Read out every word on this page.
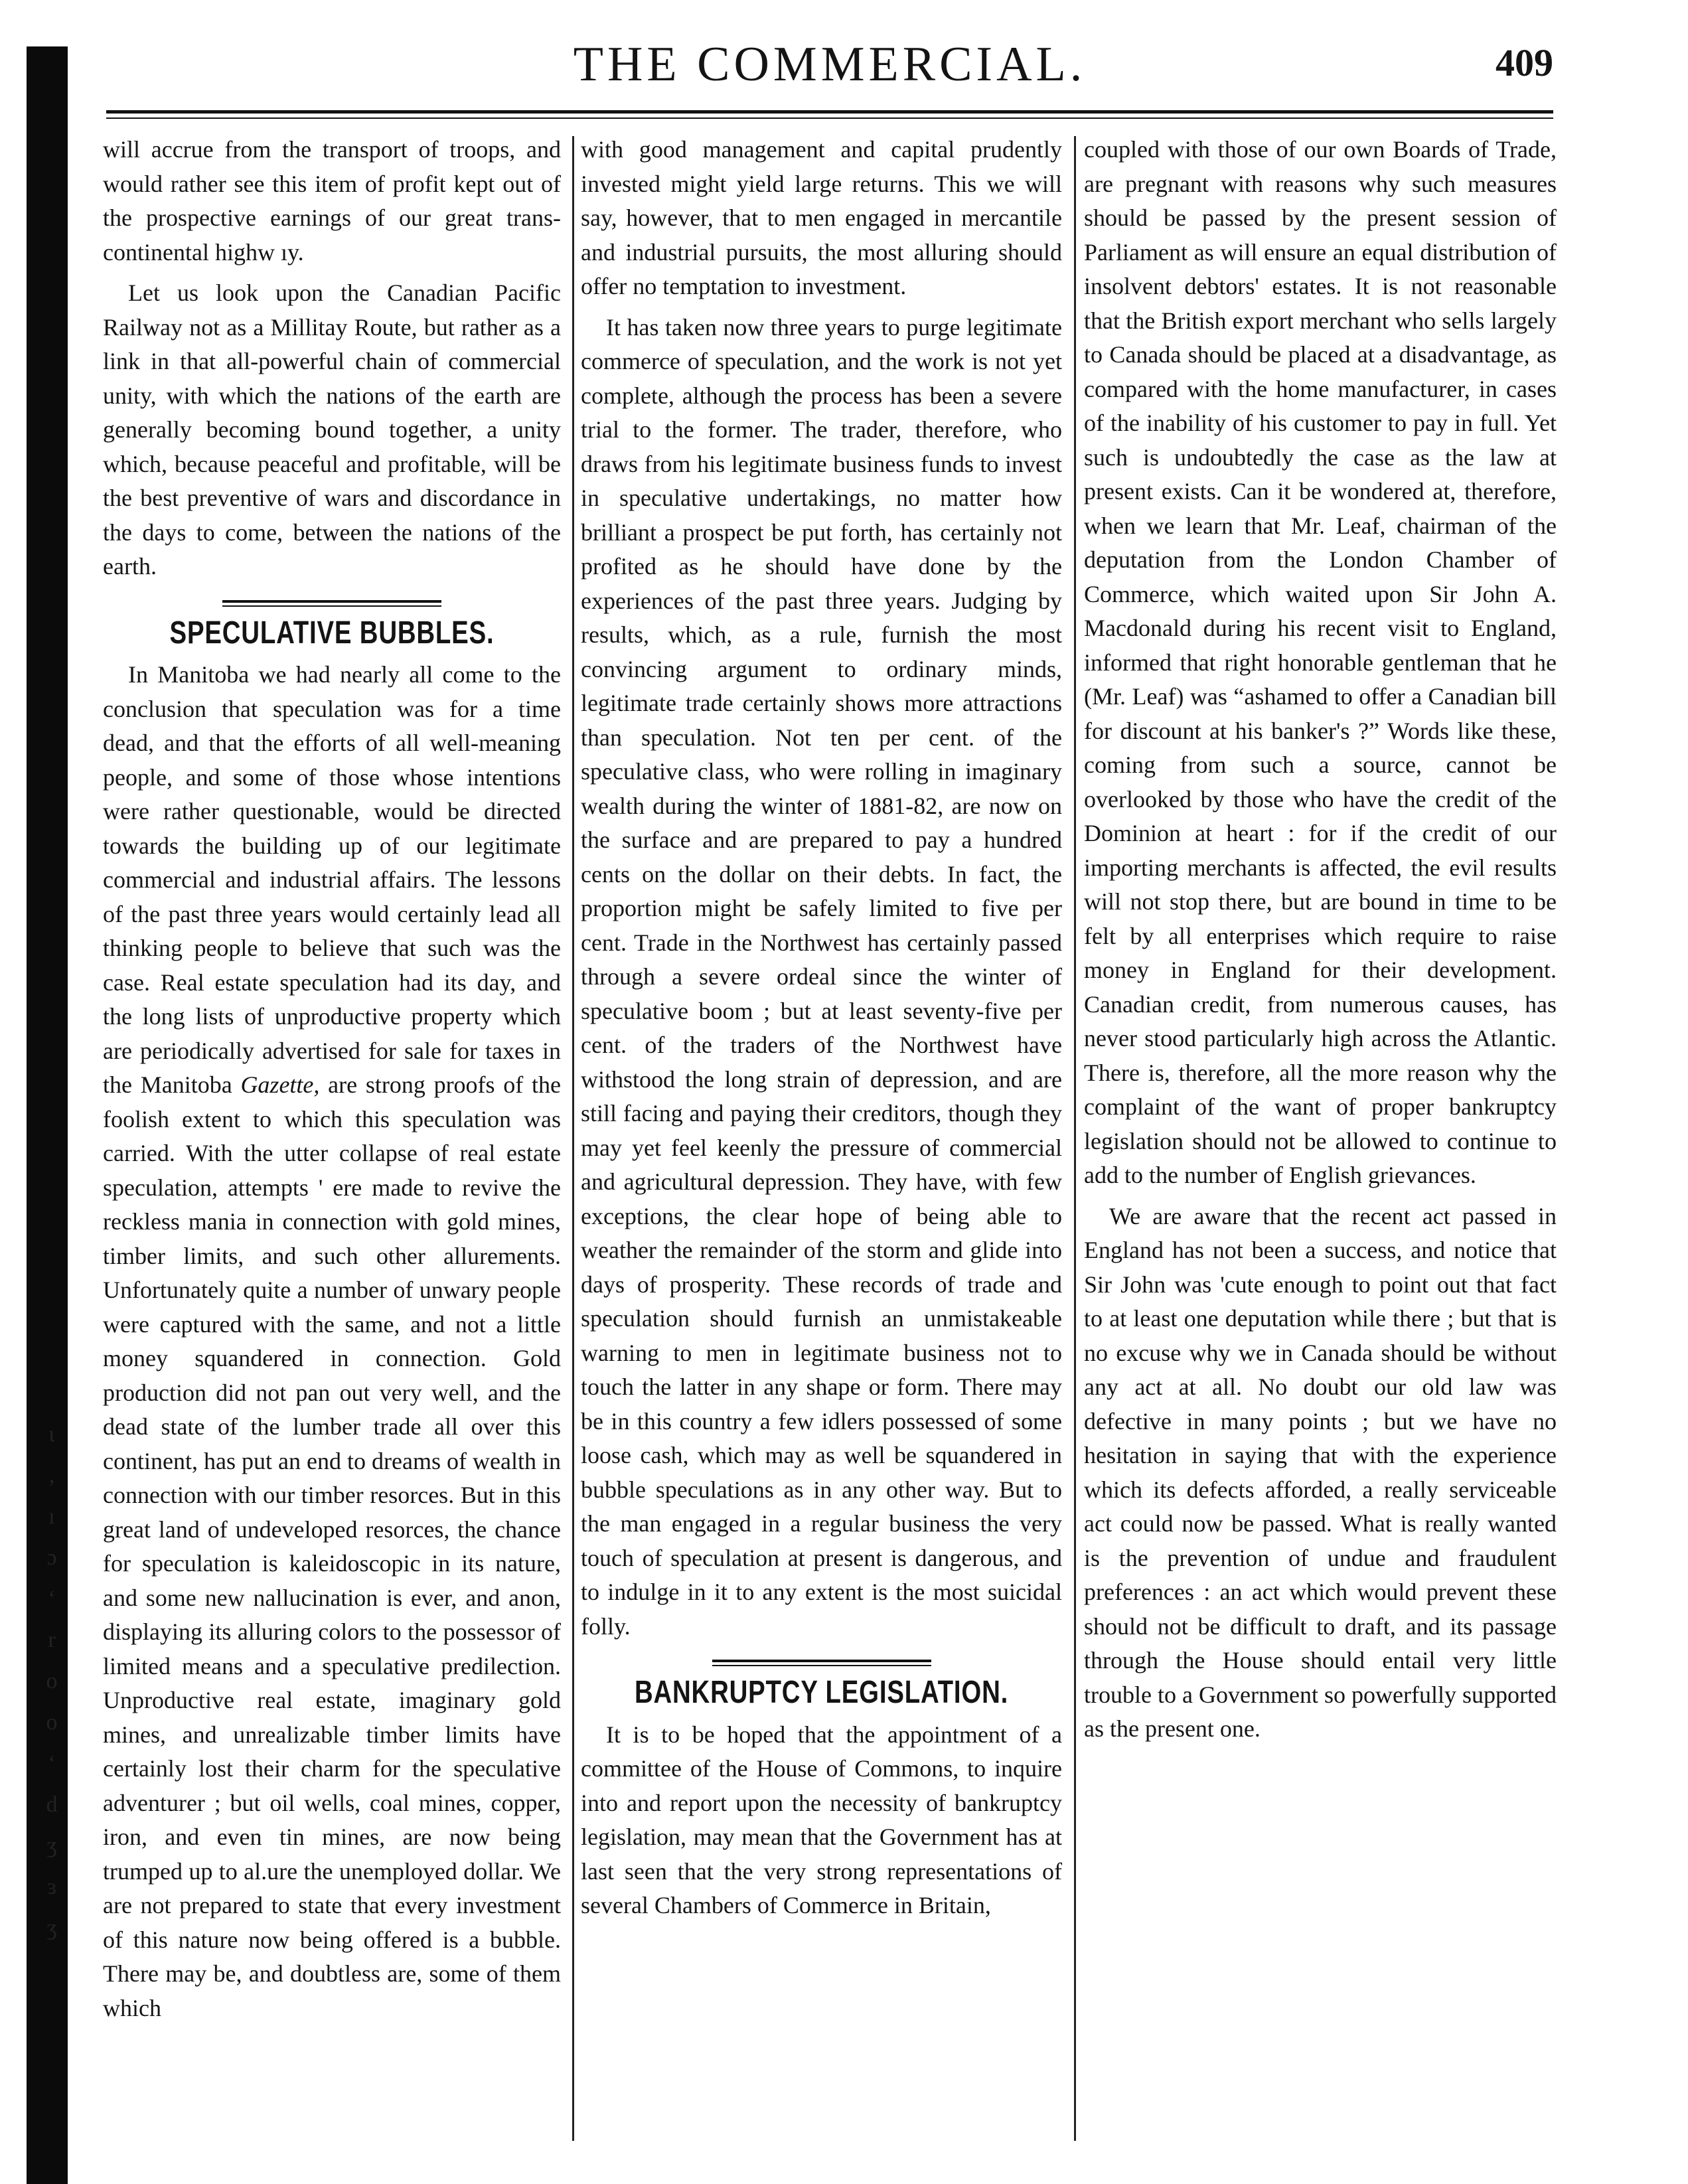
ι
,
ı
ɔ
ʻ
r
o
o
ʻ
d
ʒ
ɜ
ʒ
THE COMMERCIAL.	409

will accrue from the transport of troops, and would rather see this item of profit kept out of the prospective earnings of our great trans-continental highw ıy.

Let us look upon the Canadian Pacific Railway not as a Millitay Route, but rather as a link in that all-powerful chain of commercial unity, with which the nations of the earth are generally becoming bound together, a unity which, because peaceful and profitable, will be the best preventive of wars and discordance in the days to come, between the nations of the earth.

SPECULATIVE BUBBLES.

In Manitoba we had nearly all come to the conclusion that speculation was for a time dead, and that the efforts of all well-meaning people, and some of those whose intentions were rather questionable, would be directed towards the building up of our legitimate commercial and industrial affairs. The lessons of the past three years would certainly lead all thinking people to believe that such was the case. Real estate speculation had its day, and the long lists of unproductive property which are periodically advertised for sale for taxes in the Manitoba Gazette, are strong proofs of the foolish extent to which this speculation was carried. With the utter collapse of real estate speculation, attempts ' ere made to revive the reckless mania in connection with gold mines, timber limits, and such other allurements. Unfortunately quite a number of unwary people were captured with the same, and not a little money squandered in connection. Gold production did not pan out very well, and the dead state of the lumber trade all over this continent, has put an end to dreams of wealth in connection with our timber resorces. But in this great land of undeveloped resorces, the chance for speculation is kaleidoscopic in its nature, and some new nallucination is ever, and anon, displaying its alluring colors to the possessor of limited means and a speculative predilection. Unproductive real estate, imaginary gold mines, and unrealizable timber limits have certainly lost their charm for the speculative adventurer ; but oil wells, coal mines, copper, iron, and even tin mines, are now being trumped up to al.ure the unemployed dollar. We are not prepared to state that every investment of this nature now being offered is a bubble. There may be, and doubtless are, some of them which

with good management and capital prudently invested might yield large returns. This we will say, however, that to men engaged in mercantile and industrial pursuits, the most alluring should offer no temptation to investment.

It has taken now three years to purge legitimate commerce of speculation, and the work is not yet complete, although the process has been a severe trial to the former. The trader, therefore, who draws from his legitimate business funds to invest in speculative undertakings, no matter how brilliant a prospect be put forth, has certainly not profited as he should have done by the experiences of the past three years. Judging by results, which, as a rule, furnish the most convincing argument to ordinary minds, legitimate trade certainly shows more attractions than speculation. Not ten per cent. of the speculative class, who were rolling in imaginary wealth during the winter of 1881-82, are now on the surface and are prepared to pay a hundred cents on the dollar on their debts. In fact, the proportion might be safely limited to five per cent. Trade in the Northwest has certainly passed through a severe ordeal since the winter of speculative boom ; but at least seventy-five per cent. of the traders of the Northwest have withstood the long strain of depression, and are still facing and paying their creditors, though they may yet feel keenly the pressure of commercial and agricultural depression. They have, with few exceptions, the clear hope of being able to weather the remainder of the storm and glide into days of prosperity. These records of trade and speculation should furnish an unmistakeable warning to men in legitimate business not to touch the latter in any shape or form. There may be in this country a few idlers possessed of some loose cash, which may as well be squandered in bubble speculations as in any other way. But to the man engaged in a regular business the very touch of speculation at present is dangerous, and to indulge in it to any extent is the most suicidal folly.

BANKRUPTCY LEGISLATION.

It is to be hoped that the appointment of a committee of the House of Commons, to inquire into and report upon the necessity of bankruptcy legislation, may mean that the Government has at last seen that the very strong representations of several Chambers of Commerce in Britain,

coupled with those of our own Boards of Trade, are pregnant with reasons why such measures should be passed by the present session of Parliament as will ensure an equal distribution of insolvent debtors' estates. It is not reasonable that the British export merchant who sells largely to Canada should be placed at a disadvantage, as compared with the home manufacturer, in cases of the inability of his customer to pay in full. Yet such is undoubtedly the case as the law at present exists. Can it be wondered at, therefore, when we learn that Mr. Leaf, chairman of the deputation from the London Chamber of Commerce, which waited upon Sir John A. Macdonald during his recent visit to England, informed that right honorable gentleman that he (Mr. Leaf) was “ashamed to offer a Canadian bill for discount at his banker's ?” Words like these, coming from such a source, cannot be overlooked by those who have the credit of the Dominion at heart : for if the credit of our importing merchants is affected, the evil results will not stop there, but are bound in time to be felt by all enterprises which require to raise money in England for their development. Canadian credit, from numerous causes, has never stood particularly high across the Atlantic. There is, therefore, all the more reason why the complaint of the want of proper bankruptcy legislation should not be allowed to continue to add to the number of English grievances.

We are aware that the recent act passed in England has not been a success, and notice that Sir John was 'cute enough to point out that fact to at least one deputation while there ; but that is no excuse why we in Canada should be without any act at all. No doubt our old law was defective in many points ; but we have no hesitation in saying that with the experience which its defects afforded, a really serviceable act could now be passed. What is really wanted is the prevention of undue and fraudulent preferences : an act which would prevent these should not be difficult to draft, and its passage through the House should entail very little trouble to a Government so powerfully supported as the present one.
